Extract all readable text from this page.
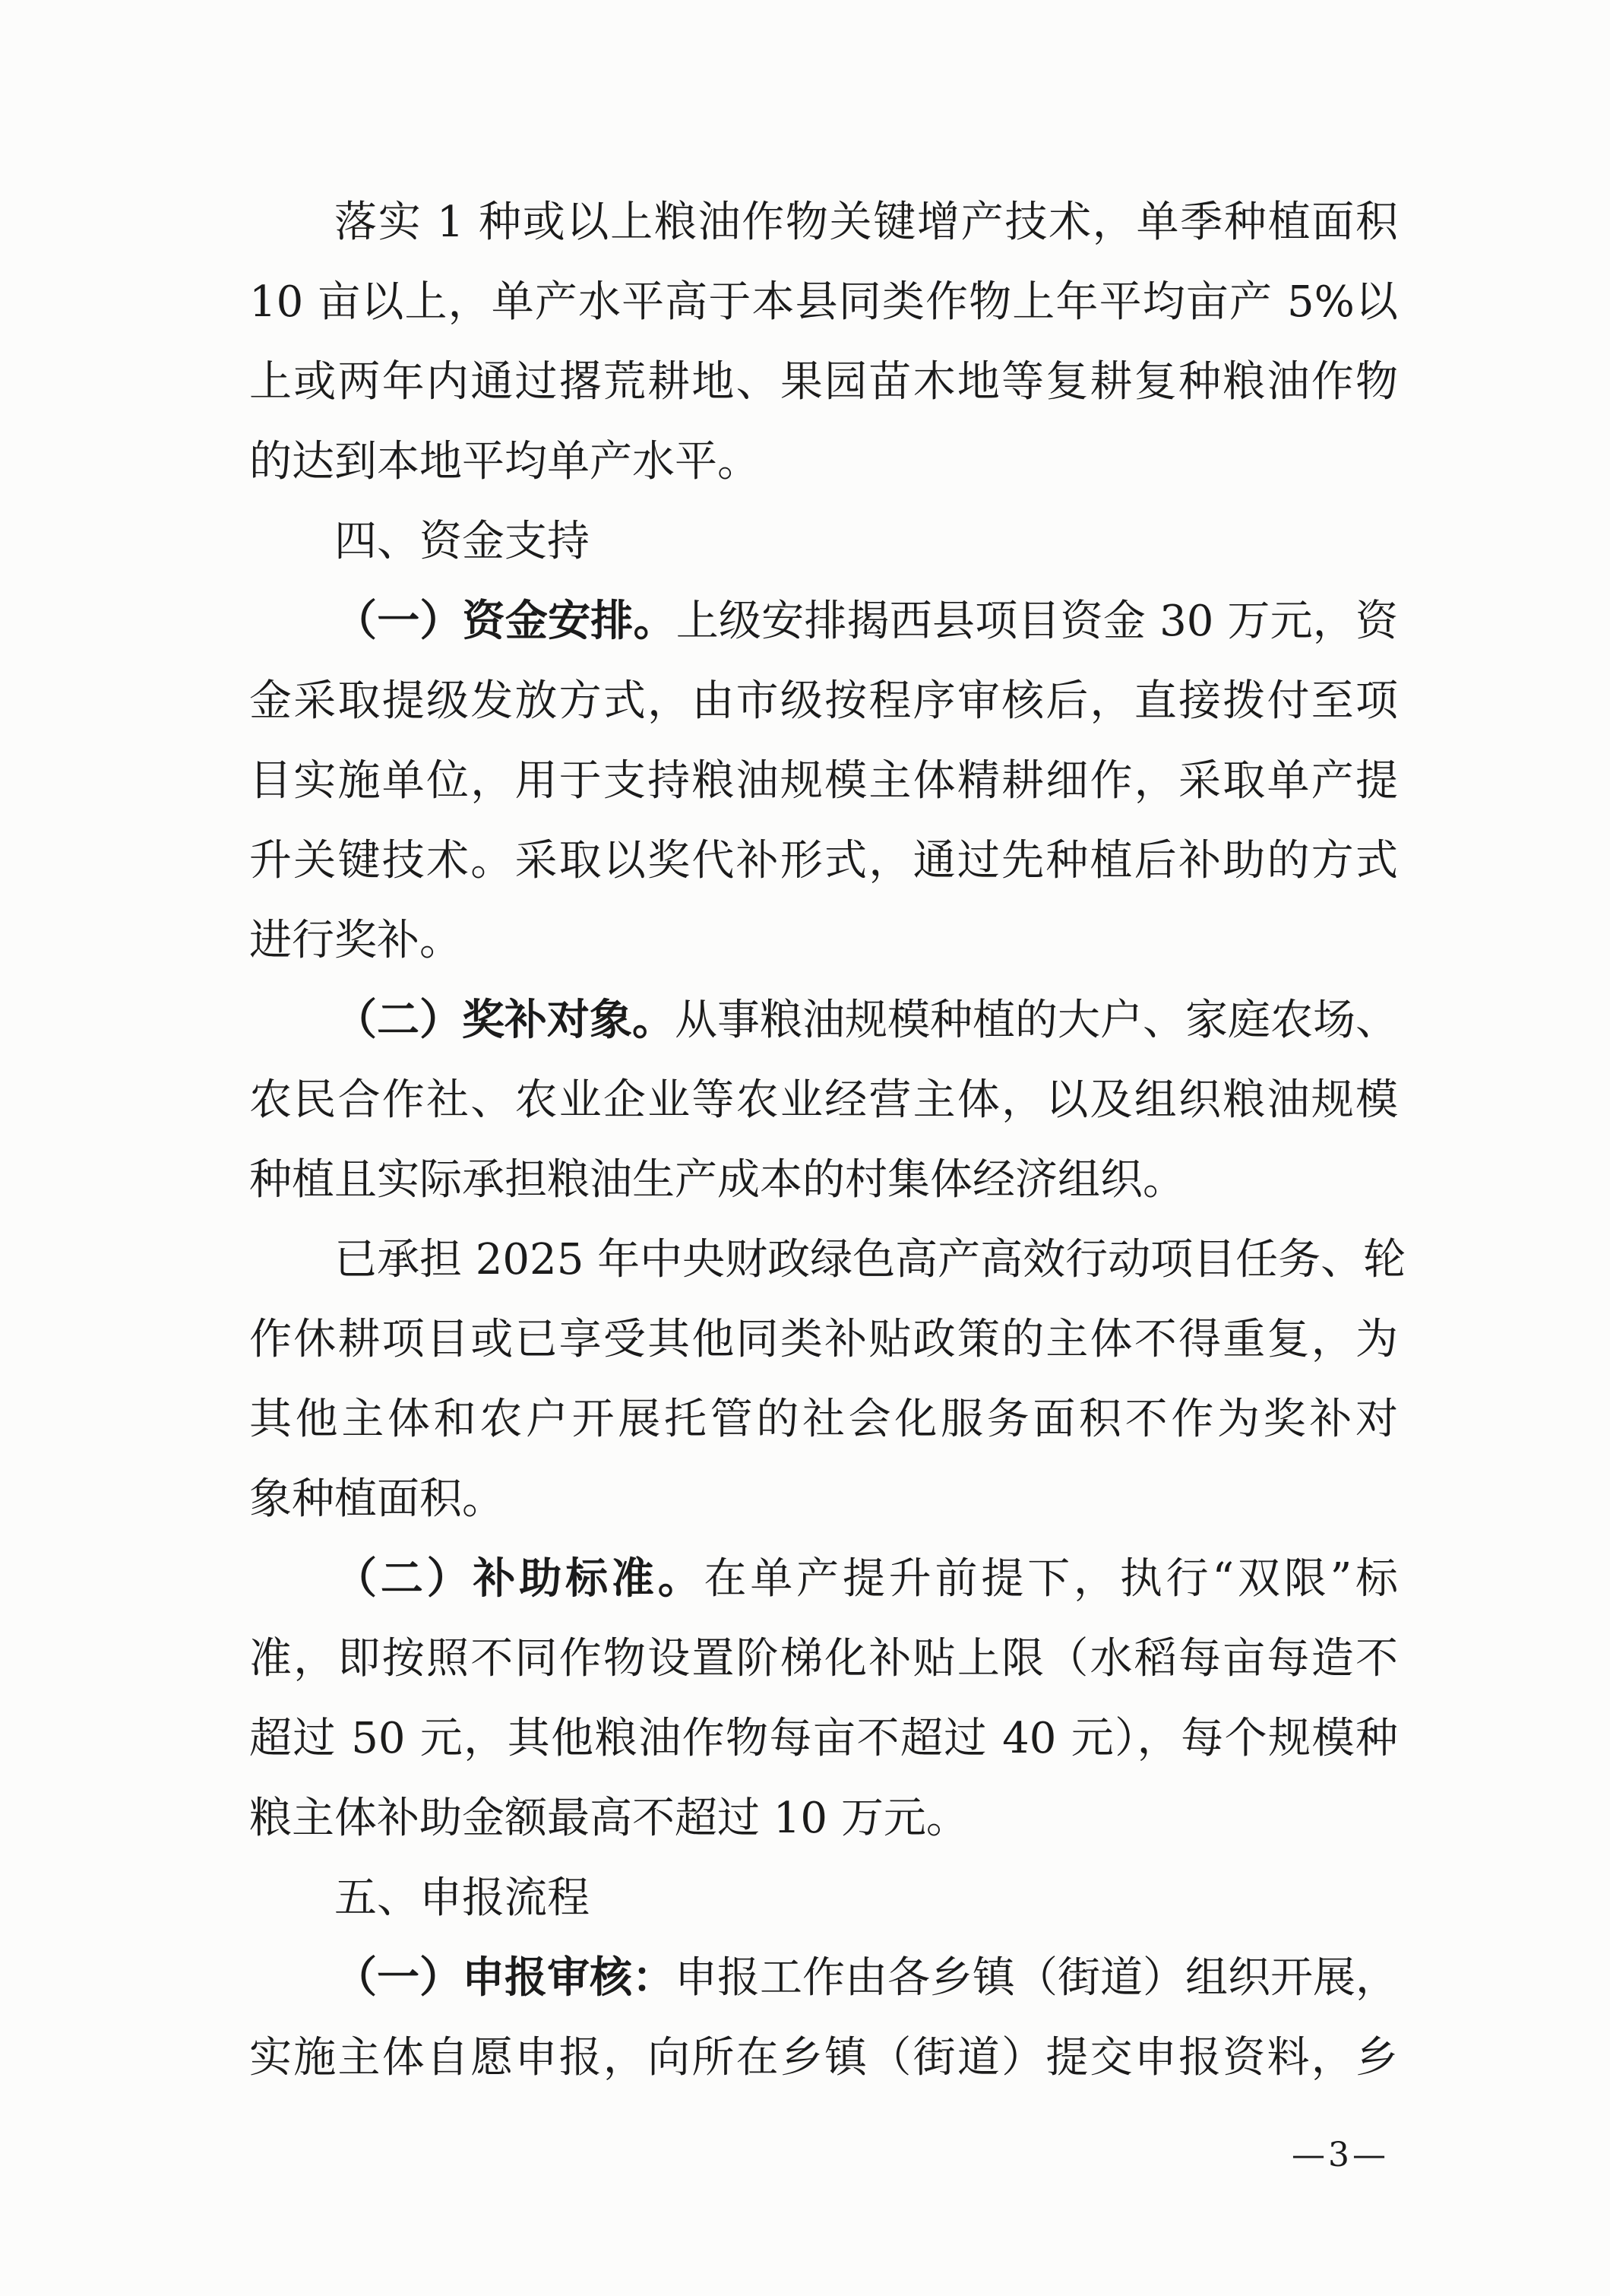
落实 1 种或以上粮油作物关键增产技术，单季种植面积
10 亩以上，单产水平高于本县同类作物上年平均亩产 5%以
上或两年内通过撂荒耕地、果园苗木地等复耕复种粮油作物
的达到本地平均单产水平。
四、资金支持
（一）资金安排。上级安排揭西县项目资金 30 万元，资
金采取提级发放方式，由市级按程序审核后，直接拨付至项
目实施单位，用于支持粮油规模主体精耕细作，采取单产提
升关键技术。采取以奖代补形式，通过先种植后补助的方式
进行奖补。
（二）奖补对象。从事粮油规模种植的大户、家庭农场、
农民合作社、农业企业等农业经营主体，以及组织粮油规模
种植且实际承担粮油生产成本的村集体经济组织。
已承担 2025 年中央财政绿色高产高效行动项目任务、轮
作休耕项目或已享受其他同类补贴政策的主体不得重复，为
其他主体和农户开展托管的社会化服务面积不作为奖补对
象种植面积。
（二）补助标准。在单产提升前提下，执行“双限”标
准，即按照不同作物设置阶梯化补贴上限（水稻每亩每造不
超过 50 元，其他粮油作物每亩不超过 40 元），每个规模种
粮主体补助金额最高不超过 10 万元。
五、申报流程
（一）申报审核：申报工作由各乡镇（街道）组织开展，
实施主体自愿申报，向所在乡镇（街道）提交申报资料，乡
—3—
